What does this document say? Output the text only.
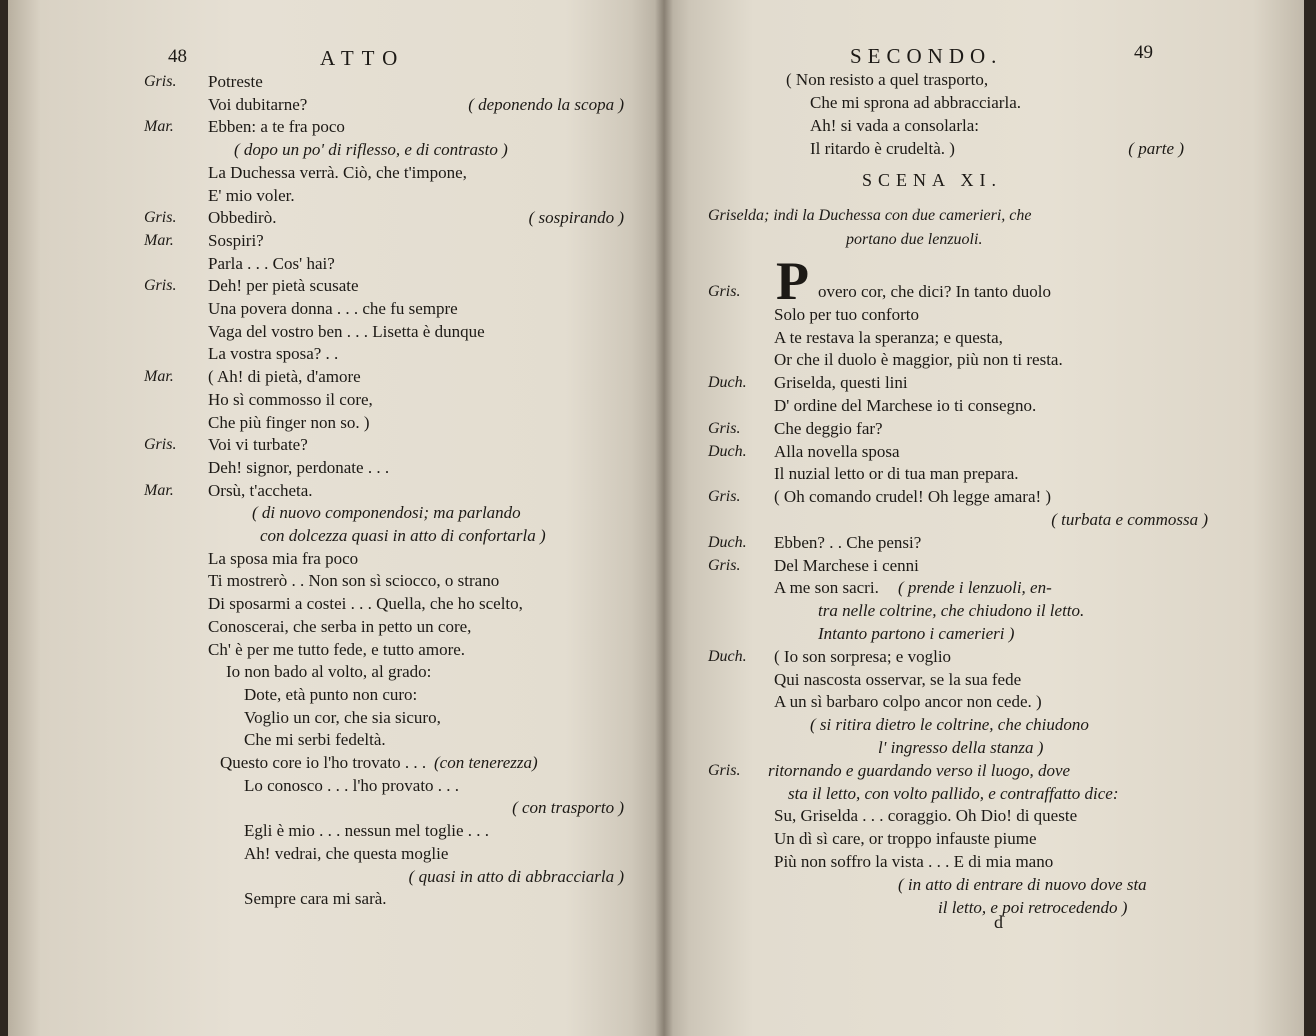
48	ATTO
Gris. Potreste
Voi dubitarne?	( deponendo la scopa )
Mar. Ebben: a te fra poco
( dopo un po' di riflesso, e di contrasto )
La Duchessa verrà. Ciò, che t'impone,
E' mio voler.
Gris. Obbedirò.	( sospirando )
Mar. Sospiri?
Parla . . . Cos' hai?
Gris. Deh! per pietà scusate
Una povera donna . . . che fu sempre
Vaga del vostro ben . . . Lisetta è dunque
La vostra sposa? . .
Mar. ( Ah! di pietà, d'amore
Ho sì commosso il core,
Che più finger non so. )
Gris. Voi vi turbate?
Deh! signor, perdonate . . .
Mar. Orsù, t'accheta.
( di nuovo componendosi; ma parlando
con dolcezza quasi in atto di confortarla )
La sposa mia fra poco
Ti mostrerò . . Non son sì sciocco, o strano
Di sposarmi a costei . . . Quella, che ho scelto,
Conoscerai, che serba in petto un core,
Ch' è per me tutto fede, e tutto amore.
Io non bado al volto, al grado:
Dote, età punto non curo:
Voglio un cor, che sia sicuro,
Che mi serbi fedeltà.
Questo core io l'ho trovato . . . (con tenerezza)
Lo conosco . . . l'ho provato . . .
( con trasporto )
Egli è mio . . . nessun mel toglie . . .
Ah! vedrai, che questa moglie
( quasi in atto di abbracciarla )
Sempre cara mi sarà.
SECONDO.	49
( Non resisto a quel trasporto,
Che mi sprona ad abbracciarla.
Ah! si vada a consolarla:
Il ritardo è crudeltà. )	( parte )
SCENA XI.
Griselda; indi la Duchessa con due camerieri, che
portano due lenzuoli.
P
Gris.	overo cor, che dici? In tanto duolo
Solo per tuo conforto
A te restava la speranza; e questa,
Or che il duolo è maggior, più non ti resta.
Duch. Griselda, questi lini
D' ordine del Marchese io ti consegno.
Gris. Che deggio far?
Duch. Alla novella sposa
Il nuzial letto or di tua man prepara.
Gris. ( Oh comando crudel! Oh legge amara! )
( turbata e commossa )
Duch. Ebben? . . Che pensi?
Gris. Del Marchese i cenni
A me son sacri. ( prende i lenzuoli, en-
tra nelle coltrine, che chiudono il letto.
Intanto partono i camerieri )
Duch. ( Io son sorpresa; e voglio
Qui nascosta osservar, se la sua fede
A un sì barbaro colpo ancor non cede. )
( si ritira dietro le coltrine, che chiudono
l' ingresso della stanza )
Gris. ritornando e guardando verso il luogo, dove
sta il letto, con volto pallido, e contraffatto dice:
Su, Griselda . . . coraggio. Oh Dio! di queste
Un dì sì care, or troppo infauste piume
Più non soffro la vista . . . E di mia mano
( in atto di entrare di nuovo dove sta
il letto, e poi retrocedendo )
d
